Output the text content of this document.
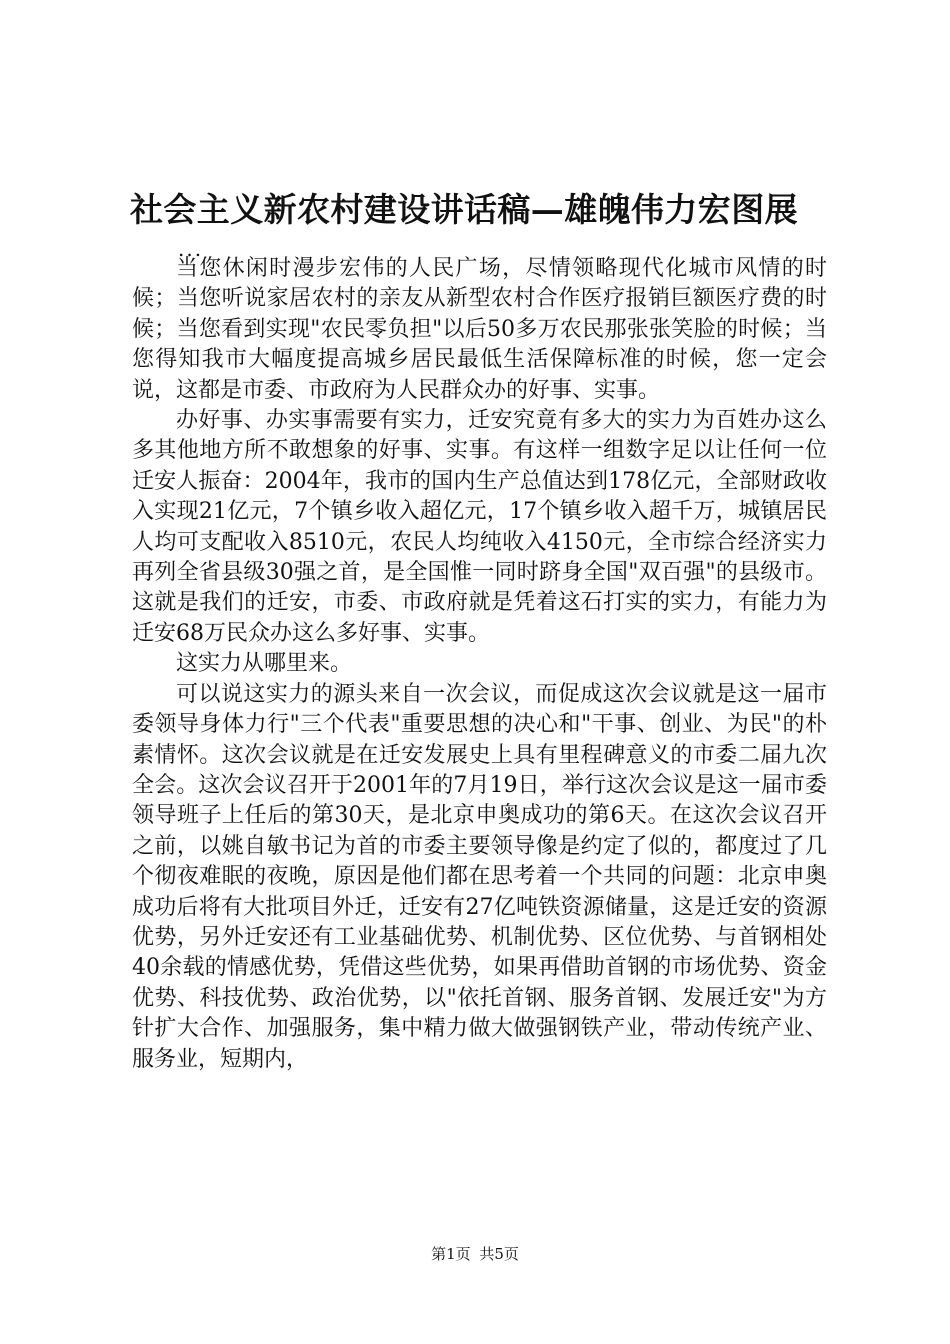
社会主义新农村建设讲话稿—雄魄伟力宏图展
...

当您休闲时漫步宏伟的人民广场，尽情领略现代化城市风情的时候；当您听说家居农村的亲友从新型农村合作医疗报销巨额医疗费的时候；当您看到实现"农民零负担"以后50多万农民那张张笑脸的时候；当您得知我市大幅度提高城乡居民最低生活保障标准的时候，您一定会说，这都是市委、市政府为人民群众办的好事、实事。

办好事、办实事需要有实力，迁安究竟有多大的实力为百姓办这么多其他地方所不敢想象的好事、实事。有这样一组数字足以让任何一位迁安人振奋：2004年，我市的国内生产总值达到178亿元，全部财政收入实现21亿元，7个镇乡收入超亿元，17个镇乡收入超千万，城镇居民人均可支配收入8510元，农民人均纯收入4150元，全市综合经济实力再列全省县级30强之首，是全国惟一同时跻身全国"双百强"的县级市。这就是我们的迁安，市委、市政府就是凭着这石打实的实力，有能力为迁安68万民众办这么多好事、实事。

这实力从哪里来。

可以说这实力的源头来自一次会议，而促成这次会议就是这一届市委领导身体力行"三个代表"重要思想的决心和"干事、创业、为民"的朴素情怀。这次会议就是在迁安发展史上具有里程碑意义的市委二届九次全会。这次会议召开于2001年的7月19日，举行这次会议是这一届市委领导班子上任后的第30天，是北京申奥成功的第6天。在这次会议召开之前，以姚自敏书记为首的市委主要领导像是约定了似的，都度过了几个彻夜难眠的夜晚，原因是他们都在思考着一个共同的问题：北京申奥成功后将有大批项目外迁，迁安有27亿吨铁资源储量，这是迁安的资源优势，另外迁安还有工业基础优势、机制优势、区位优势、与首钢相处40余载的情感优势，凭借这些优势，如果再借助首钢的市场优势、资金优势、科技优势、政治优势，以"依托首钢、服务首钢、发展迁安"为方针扩大合作、加强服务，集中精力做大做强钢铁产业，带动传统产业、服务业，短期内，

第1页 共5页
